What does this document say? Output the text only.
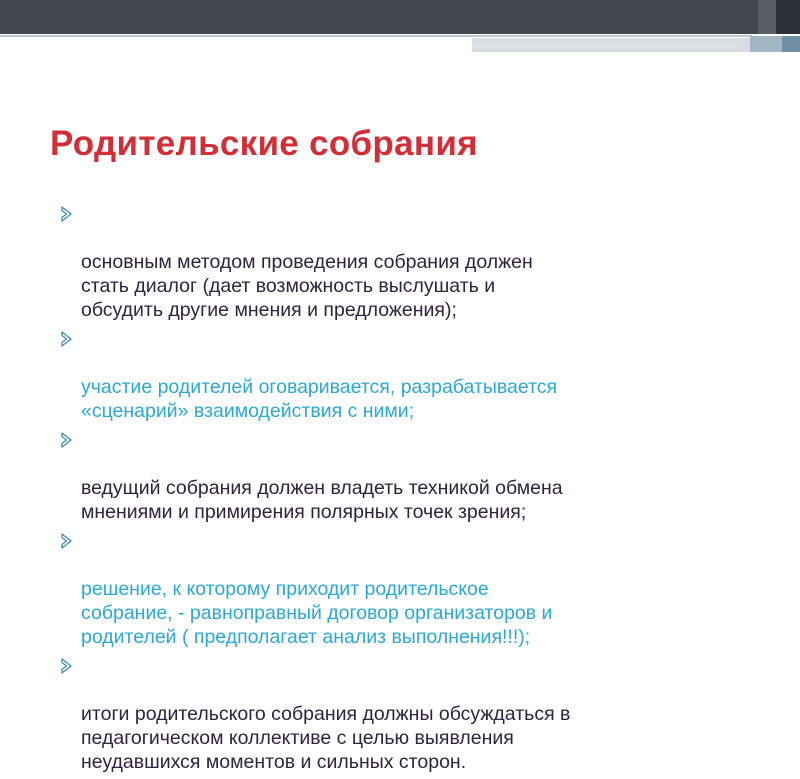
Родительские собрания

основным методом проведения собрания должен
стать диалог (дает возможность выслушать и
обсудить другие мнения и предложения);

участие родителей оговаривается, разрабатывается
«сценарий» взаимодействия с ними;

ведущий собрания должен владеть техникой обмена
мнениями и примирения полярных точек зрения;

решение, к которому приходит родительское
собрание, - равноправный договор организаторов и
родителей ( предполагает анализ выполнения!!!);

итоги родительского собрания должны обсуждаться в
педагогическом коллективе с целью выявления
неудавшихся моментов и сильных сторон.
